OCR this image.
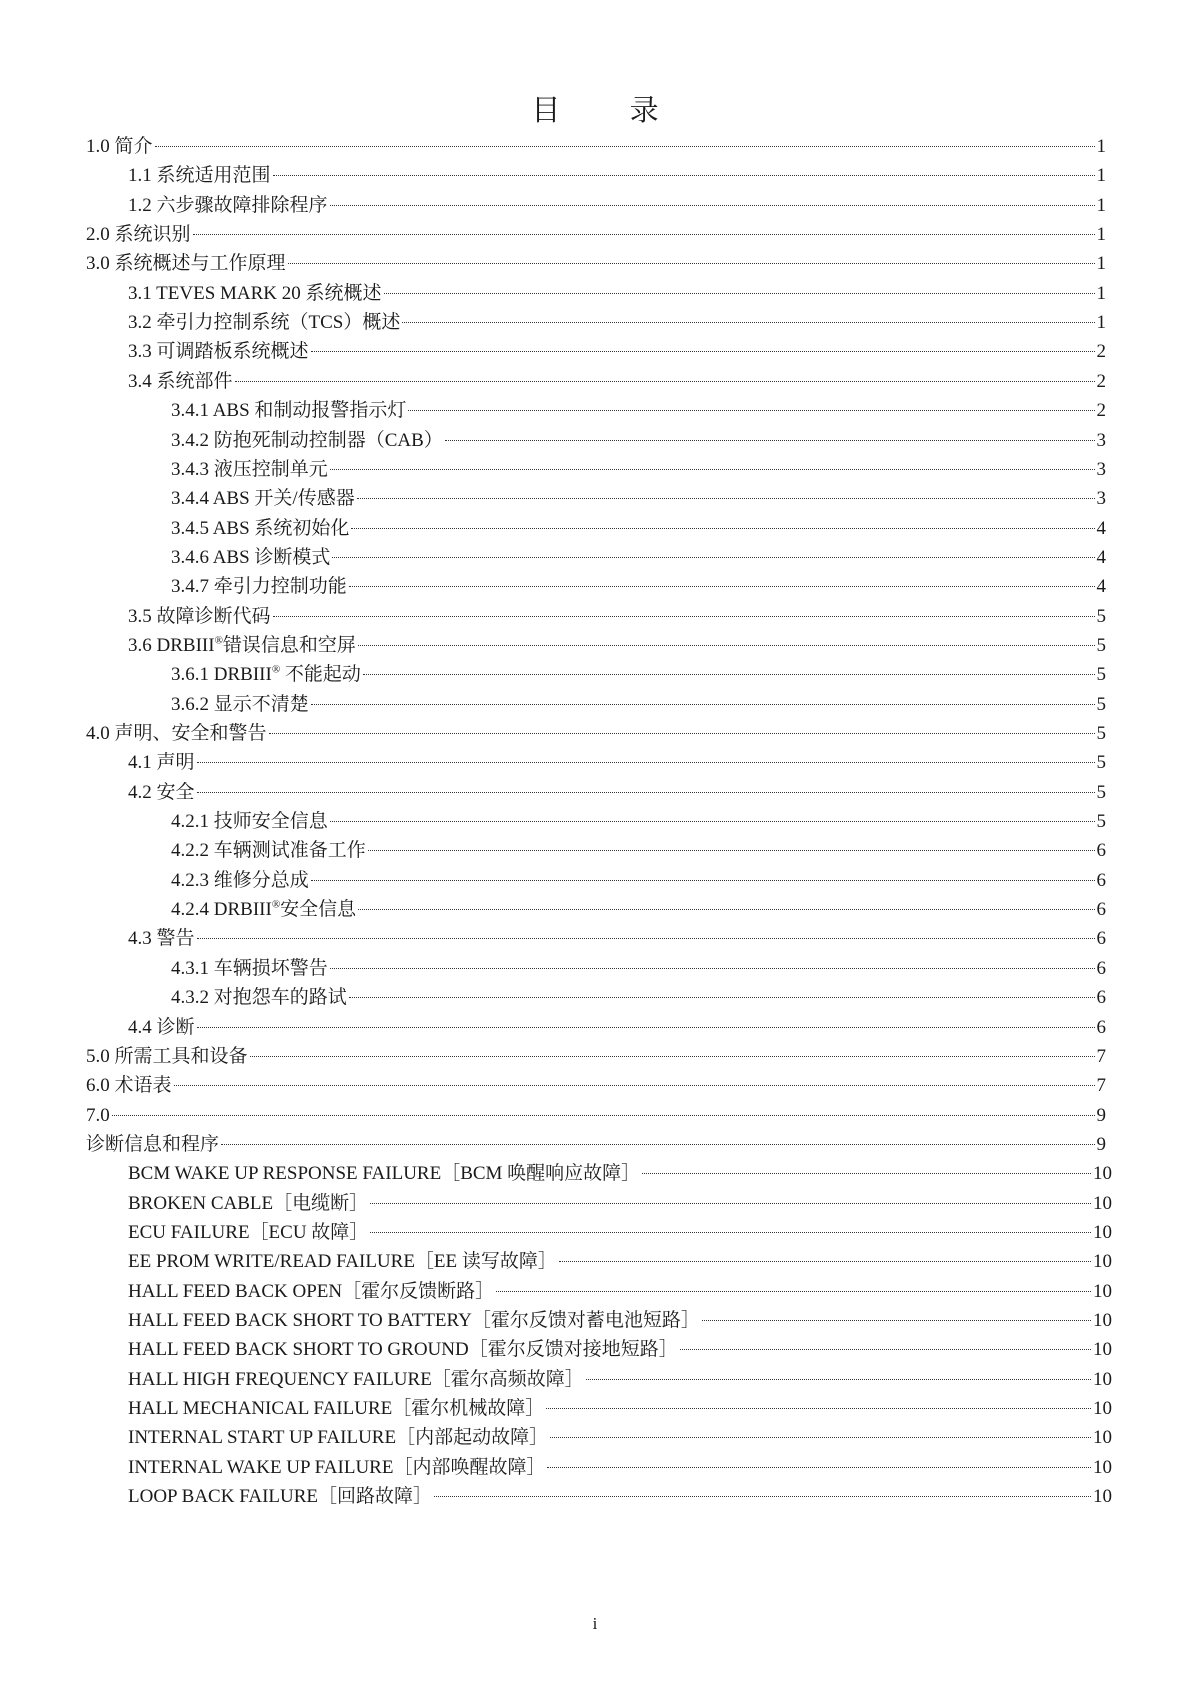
目 录
1.0 简介	1
1.1 系统适用范围	1
1.2 六步骤故障排除程序	1
2.0 系统识别	1
3.0 系统概述与工作原理	1
3.1 TEVES MARK 20 系统概述	1
3.2 牵引力控制系统（TCS）概述	1
3.3 可调踏板系统概述	2
3.4 系统部件	2
3.4.1 ABS 和制动报警指示灯	2
3.4.2 防抱死制动控制器（CAB）	3
3.4.3 液压控制单元	3
3.4.4 ABS 开关/传感器	3
3.4.5 ABS 系统初始化	4
3.4.6 ABS 诊断模式	4
3.4.7 牵引力控制功能	4
3.5 故障诊断代码	5
3.6 DRBIII®错误信息和空屏	5
3.6.1 DRBIII® 不能起动	5
3.6.2 显示不清楚	5
4.0 声明、安全和警告	5
4.1 声明	5
4.2 安全	5
4.2.1 技师安全信息	5
4.2.2 车辆测试准备工作	6
4.2.3 维修分总成	6
4.2.4 DRBIII®安全信息	6
4.3 警告	6
4.3.1 车辆损坏警告	6
4.3.2 对抱怨车的路试	6
4.4 诊断	6
5.0 所需工具和设备	7
6.0 术语表	7
7.0	9
诊断信息和程序	9
BCM WAKE UP RESPONSE FAILURE［BCM 唤醒响应故障］	10
BROKEN CABLE［电缆断］	10
ECU FAILURE［ECU 故障］	10
EE PROM WRITE/READ FAILURE［EE 读写故障］	10
HALL FEED BACK OPEN［霍尔反馈断路］	10
HALL FEED BACK SHORT TO BATTERY［霍尔反馈对蓄电池短路］	10
HALL FEED BACK SHORT TO GROUND［霍尔反馈对接地短路］	10
HALL HIGH FREQUENCY FAILURE［霍尔高频故障］	10
HALL MECHANICAL FAILURE［霍尔机械故障］	10
INTERNAL START UP FAILURE［内部起动故障］	10
INTERNAL WAKE UP FAILURE［内部唤醒故障］	10
LOOP BACK FAILURE［回路故障］	10
i
